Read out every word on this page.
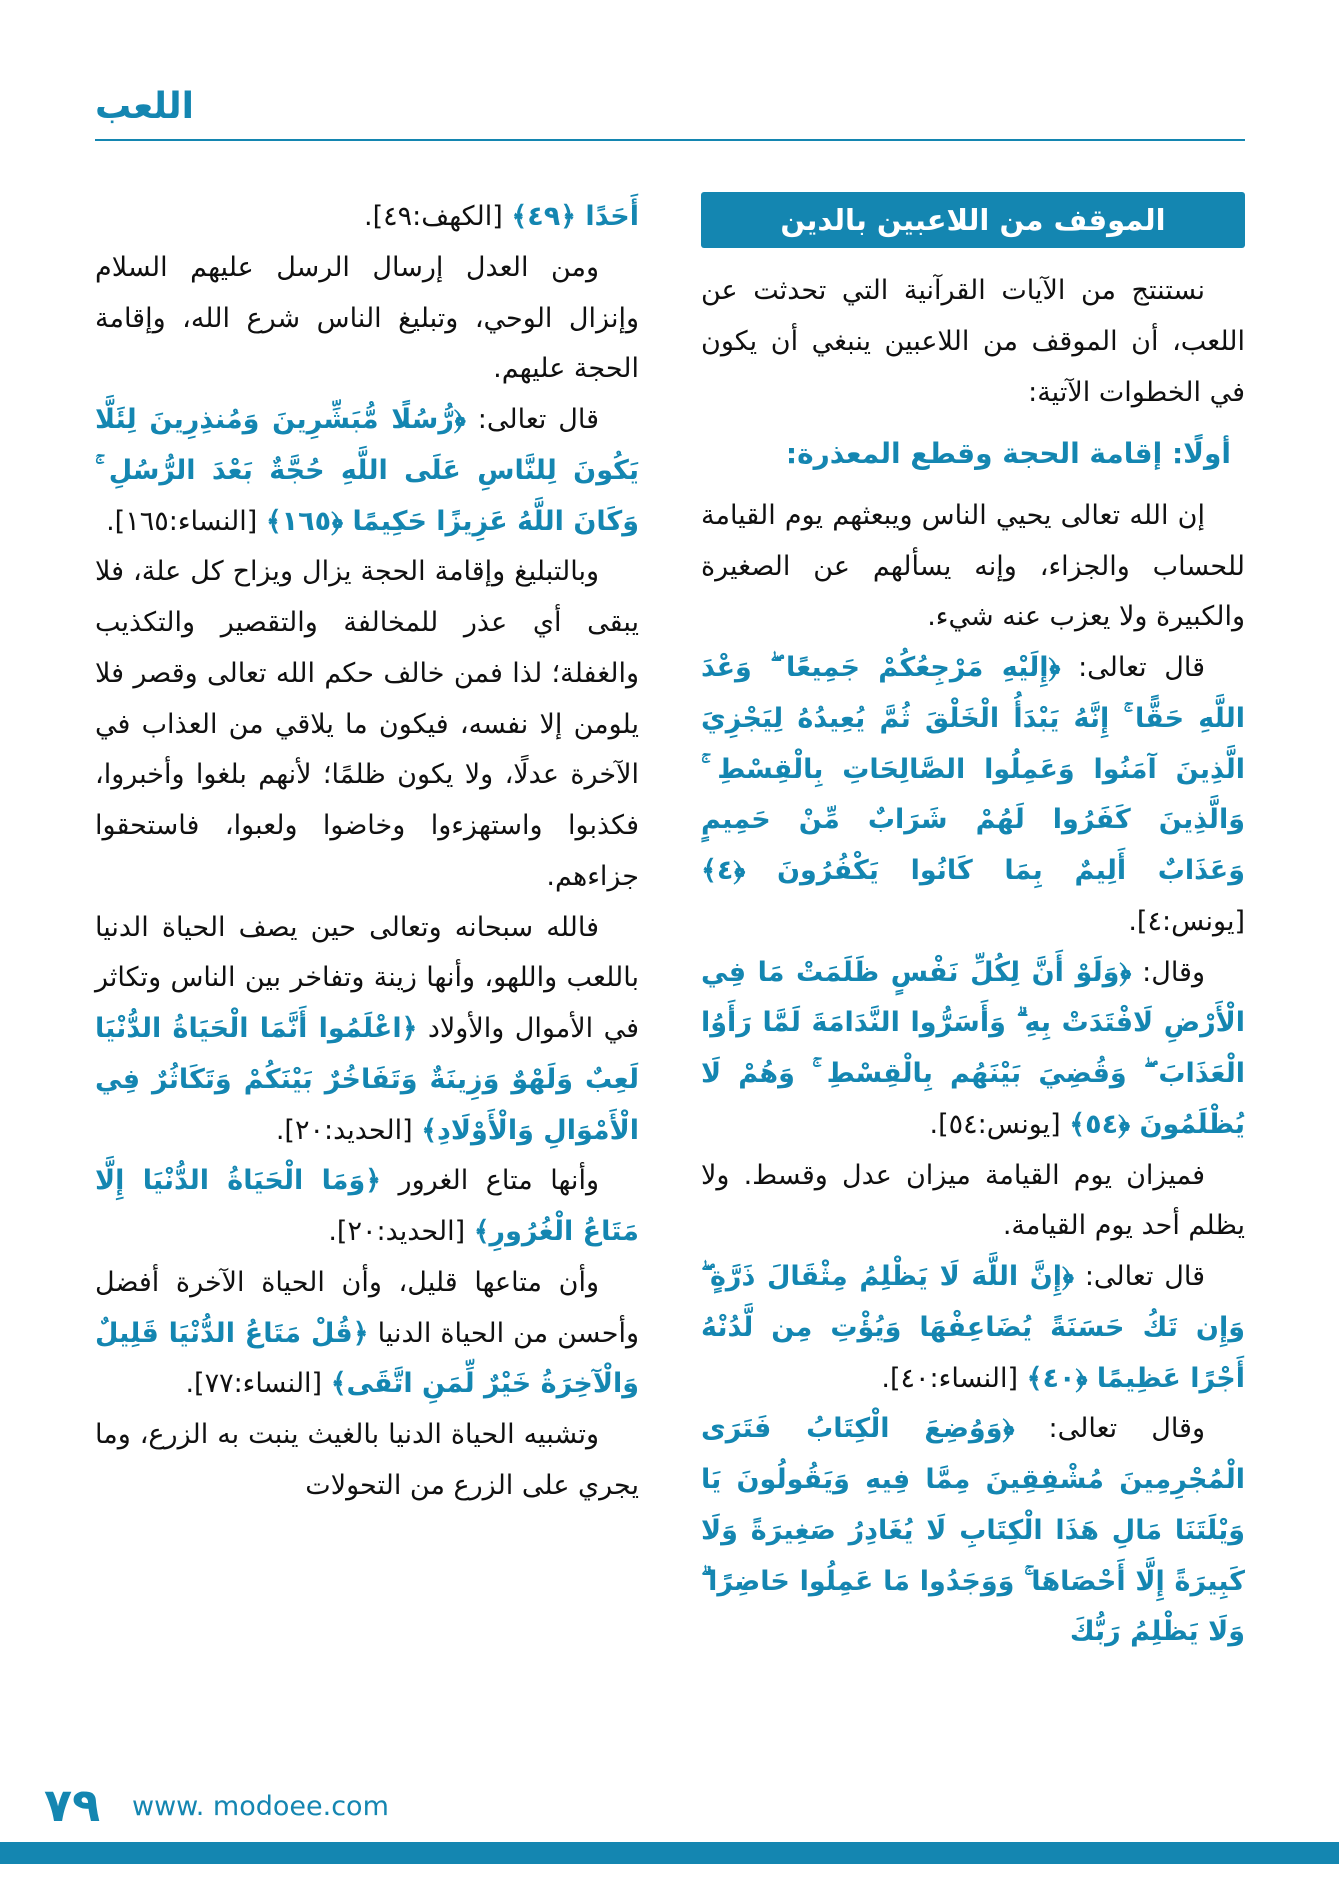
اللعب
الموقف من اللاعبين بالدين

نستنتج من الآيات القرآنية التي تحدثت عن اللعب، أن الموقف من اللاعبين ينبغي أن يكون في الخطوات الآتية:

أولًا: إقامة الحجة وقطع المعذرة:

إن الله تعالى يحيي الناس ويبعثهم يوم القيامة للحساب والجزاء، وإنه يسألهم عن الصغيرة والكبيرة ولا يعزب عنه شيء.

قال تعالى: ﴿إِلَيْهِ مَرْجِعُكُمْ جَمِيعًا ۖ وَعْدَ اللَّهِ حَقًّا ۚ إِنَّهُ يَبْدَأُ الْخَلْقَ ثُمَّ يُعِيدُهُ لِيَجْزِيَ الَّذِينَ آمَنُوا وَعَمِلُوا الصَّالِحَاتِ بِالْقِسْطِ ۚ وَالَّذِينَ كَفَرُوا لَهُمْ شَرَابٌ مِّنْ حَمِيمٍ وَعَذَابٌ أَلِيمٌ بِمَا كَانُوا يَكْفُرُونَ ﴿٤﴾ [يونس:٤].

وقال: ﴿وَلَوْ أَنَّ لِكُلِّ نَفْسٍ ظَلَمَتْ مَا فِي الْأَرْضِ لَافْتَدَتْ بِهِ ۗ وَأَسَرُّوا النَّدَامَةَ لَمَّا رَأَوُا الْعَذَابَ ۖ وَقُضِيَ بَيْنَهُم بِالْقِسْطِ ۚ وَهُمْ لَا يُظْلَمُونَ ﴿٥٤﴾ [يونس:٥٤].

فميزان يوم القيامة ميزان عدل وقسط. ولا يظلم أحد يوم القيامة.

قال تعالى: ﴿إِنَّ اللَّهَ لَا يَظْلِمُ مِثْقَالَ ذَرَّةٍ ۖ وَإِن تَكُ حَسَنَةً يُضَاعِفْهَا وَيُؤْتِ مِن لَّدُنْهُ أَجْرًا عَظِيمًا ﴿٤٠﴾ [النساء:٤٠].

وقال تعالى: ﴿وَوُضِعَ الْكِتَابُ فَتَرَى الْمُجْرِمِينَ مُشْفِقِينَ مِمَّا فِيهِ وَيَقُولُونَ يَا وَيْلَتَنَا مَالِ هَذَا الْكِتَابِ لَا يُغَادِرُ صَغِيرَةً وَلَا كَبِيرَةً إِلَّا أَحْصَاهَا ۚ وَوَجَدُوا مَا عَمِلُوا حَاضِرًا ۗ وَلَا يَظْلِمُ رَبُّكَ

أَحَدًا ﴿٤٩﴾ [الكهف:٤٩].

ومن العدل إرسال الرسل عليهم السلام وإنزال الوحي، وتبليغ الناس شرع الله، وإقامة الحجة عليهم.

قال تعالى: ﴿رُّسُلًا مُّبَشِّرِينَ وَمُنذِرِينَ لِئَلَّا يَكُونَ لِلنَّاسِ عَلَى اللَّهِ حُجَّةٌ بَعْدَ الرُّسُلِ ۚ وَكَانَ اللَّهُ عَزِيزًا حَكِيمًا ﴿١٦٥﴾ [النساء:١٦٥].

وبالتبليغ وإقامة الحجة يزال ويزاح كل علة، فلا يبقى أي عذر للمخالفة والتقصير والتكذيب والغفلة؛ لذا فمن خالف حكم الله تعالى وقصر فلا يلومن إلا نفسه، فيكون ما يلاقي من العذاب في الآخرة عدلًا، ولا يكون ظلمًا؛ لأنهم بلغوا وأخبروا، فكذبوا واستهزءوا وخاضوا ولعبوا، فاستحقوا جزاءهم.

فالله سبحانه وتعالى حين يصف الحياة الدنيا باللعب واللهو، وأنها زينة وتفاخر بين الناس وتكاثر في الأموال والأولاد ﴿اعْلَمُوا أَنَّمَا الْحَيَاةُ الدُّنْيَا لَعِبٌ وَلَهْوٌ وَزِينَةٌ وَتَفَاخُرٌ بَيْنَكُمْ وَتَكَاثُرٌ فِي الْأَمْوَالِ وَالْأَوْلَادِ﴾ [الحديد:٢٠].

وأنها متاع الغرور ﴿وَمَا الْحَيَاةُ الدُّنْيَا إِلَّا مَتَاعُ الْغُرُورِ﴾ [الحديد:٢٠].

وأن متاعها قليل، وأن الحياة الآخرة أفضل وأحسن من الحياة الدنيا ﴿قُلْ مَتَاعُ الدُّنْيَا قَلِيلٌ وَالْآخِرَةُ خَيْرٌ لِّمَنِ اتَّقَى﴾ [النساء:٧٧].

وتشبيه الحياة الدنيا بالغيث ينبت به الزرع، وما يجري على الزرع من التحولات

٧٩ www. modoee.com
